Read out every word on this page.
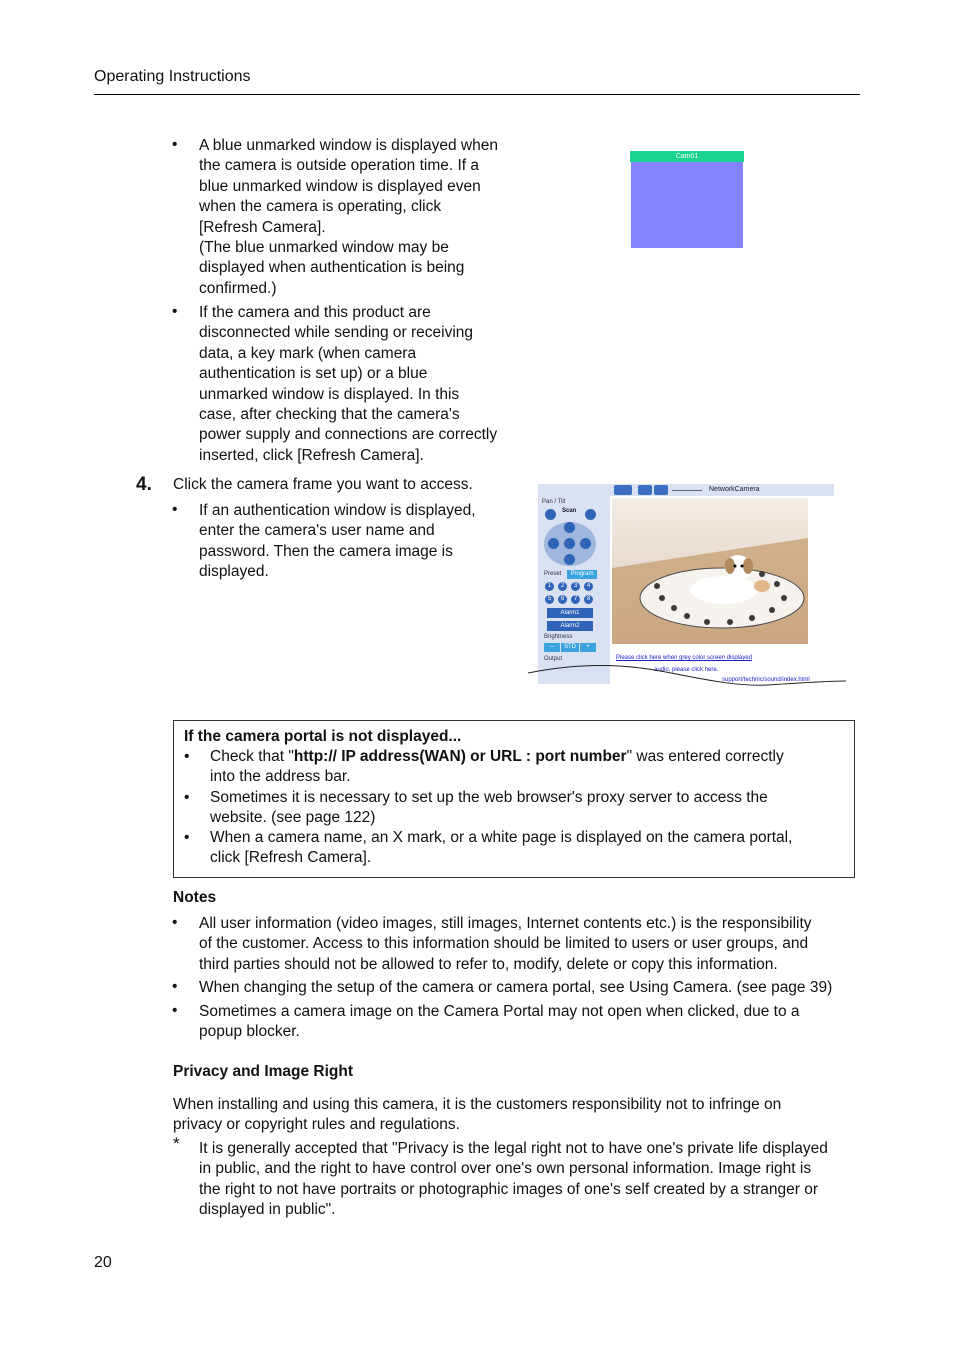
Operating Instructions
• A blue unmarked window is displayed when
the camera is outside operation time. If a
blue unmarked window is displayed even
when the camera is operating, click
[Refresh Camera].
(The blue unmarked window may be
displayed when authentication is being
confirmed.)
• If the camera and this product are
disconnected while sending or receiving
data, a key mark (when camera
authentication is set up) or a blue
unmarked window is displayed. In this
case, after checking that the camera's
power supply and connections are correctly
inserted, click [Refresh Camera].
Cam01
4. Click the camera frame you want to access.
• If an authentication window is displayed,
enter the camera's user name and
password. Then the camera image is
displayed.
NetworkCamera
Pan / Tilt
Scan
Preset	Program
1	2	3	4
5	6	7	8
Alarm1
Alarm2
Brightness
–	STD	+
Output	Please click here when grey color screen displayed
audio, please click here.
support/technic/sound/index.html
If the camera portal is not displayed...
• Check that "http:// IP address(WAN) or URL : port number" was entered correctly
into the address bar.
• Sometimes it is necessary to set up the web browser's proxy server to access the
website. (see page 122)
• When a camera name, an X mark, or a white page is displayed on the camera portal,
click [Refresh Camera].
Notes
• All user information (video images, still images, Internet contents etc.) is the responsibility
of the customer. Access to this information should be limited to users or user groups, and
third parties should not be allowed to refer to, modify, delete or copy this information.
• When changing the setup of the camera or camera portal, see Using Camera. (see page 39)
• Sometimes a camera image on the Camera Portal may not open when clicked, due to a
popup blocker.
Privacy and Image Right
When installing and using this camera, it is the customers responsibility not to infringe on
privacy or copyright rules and regulations.
* It is generally accepted that "Privacy is the legal right not to have one's private life displayed
in public, and the right to have control over one's own personal information. Image right is
the right to not have portraits or photographic images of one's self created by a stranger or
displayed in public".
20
